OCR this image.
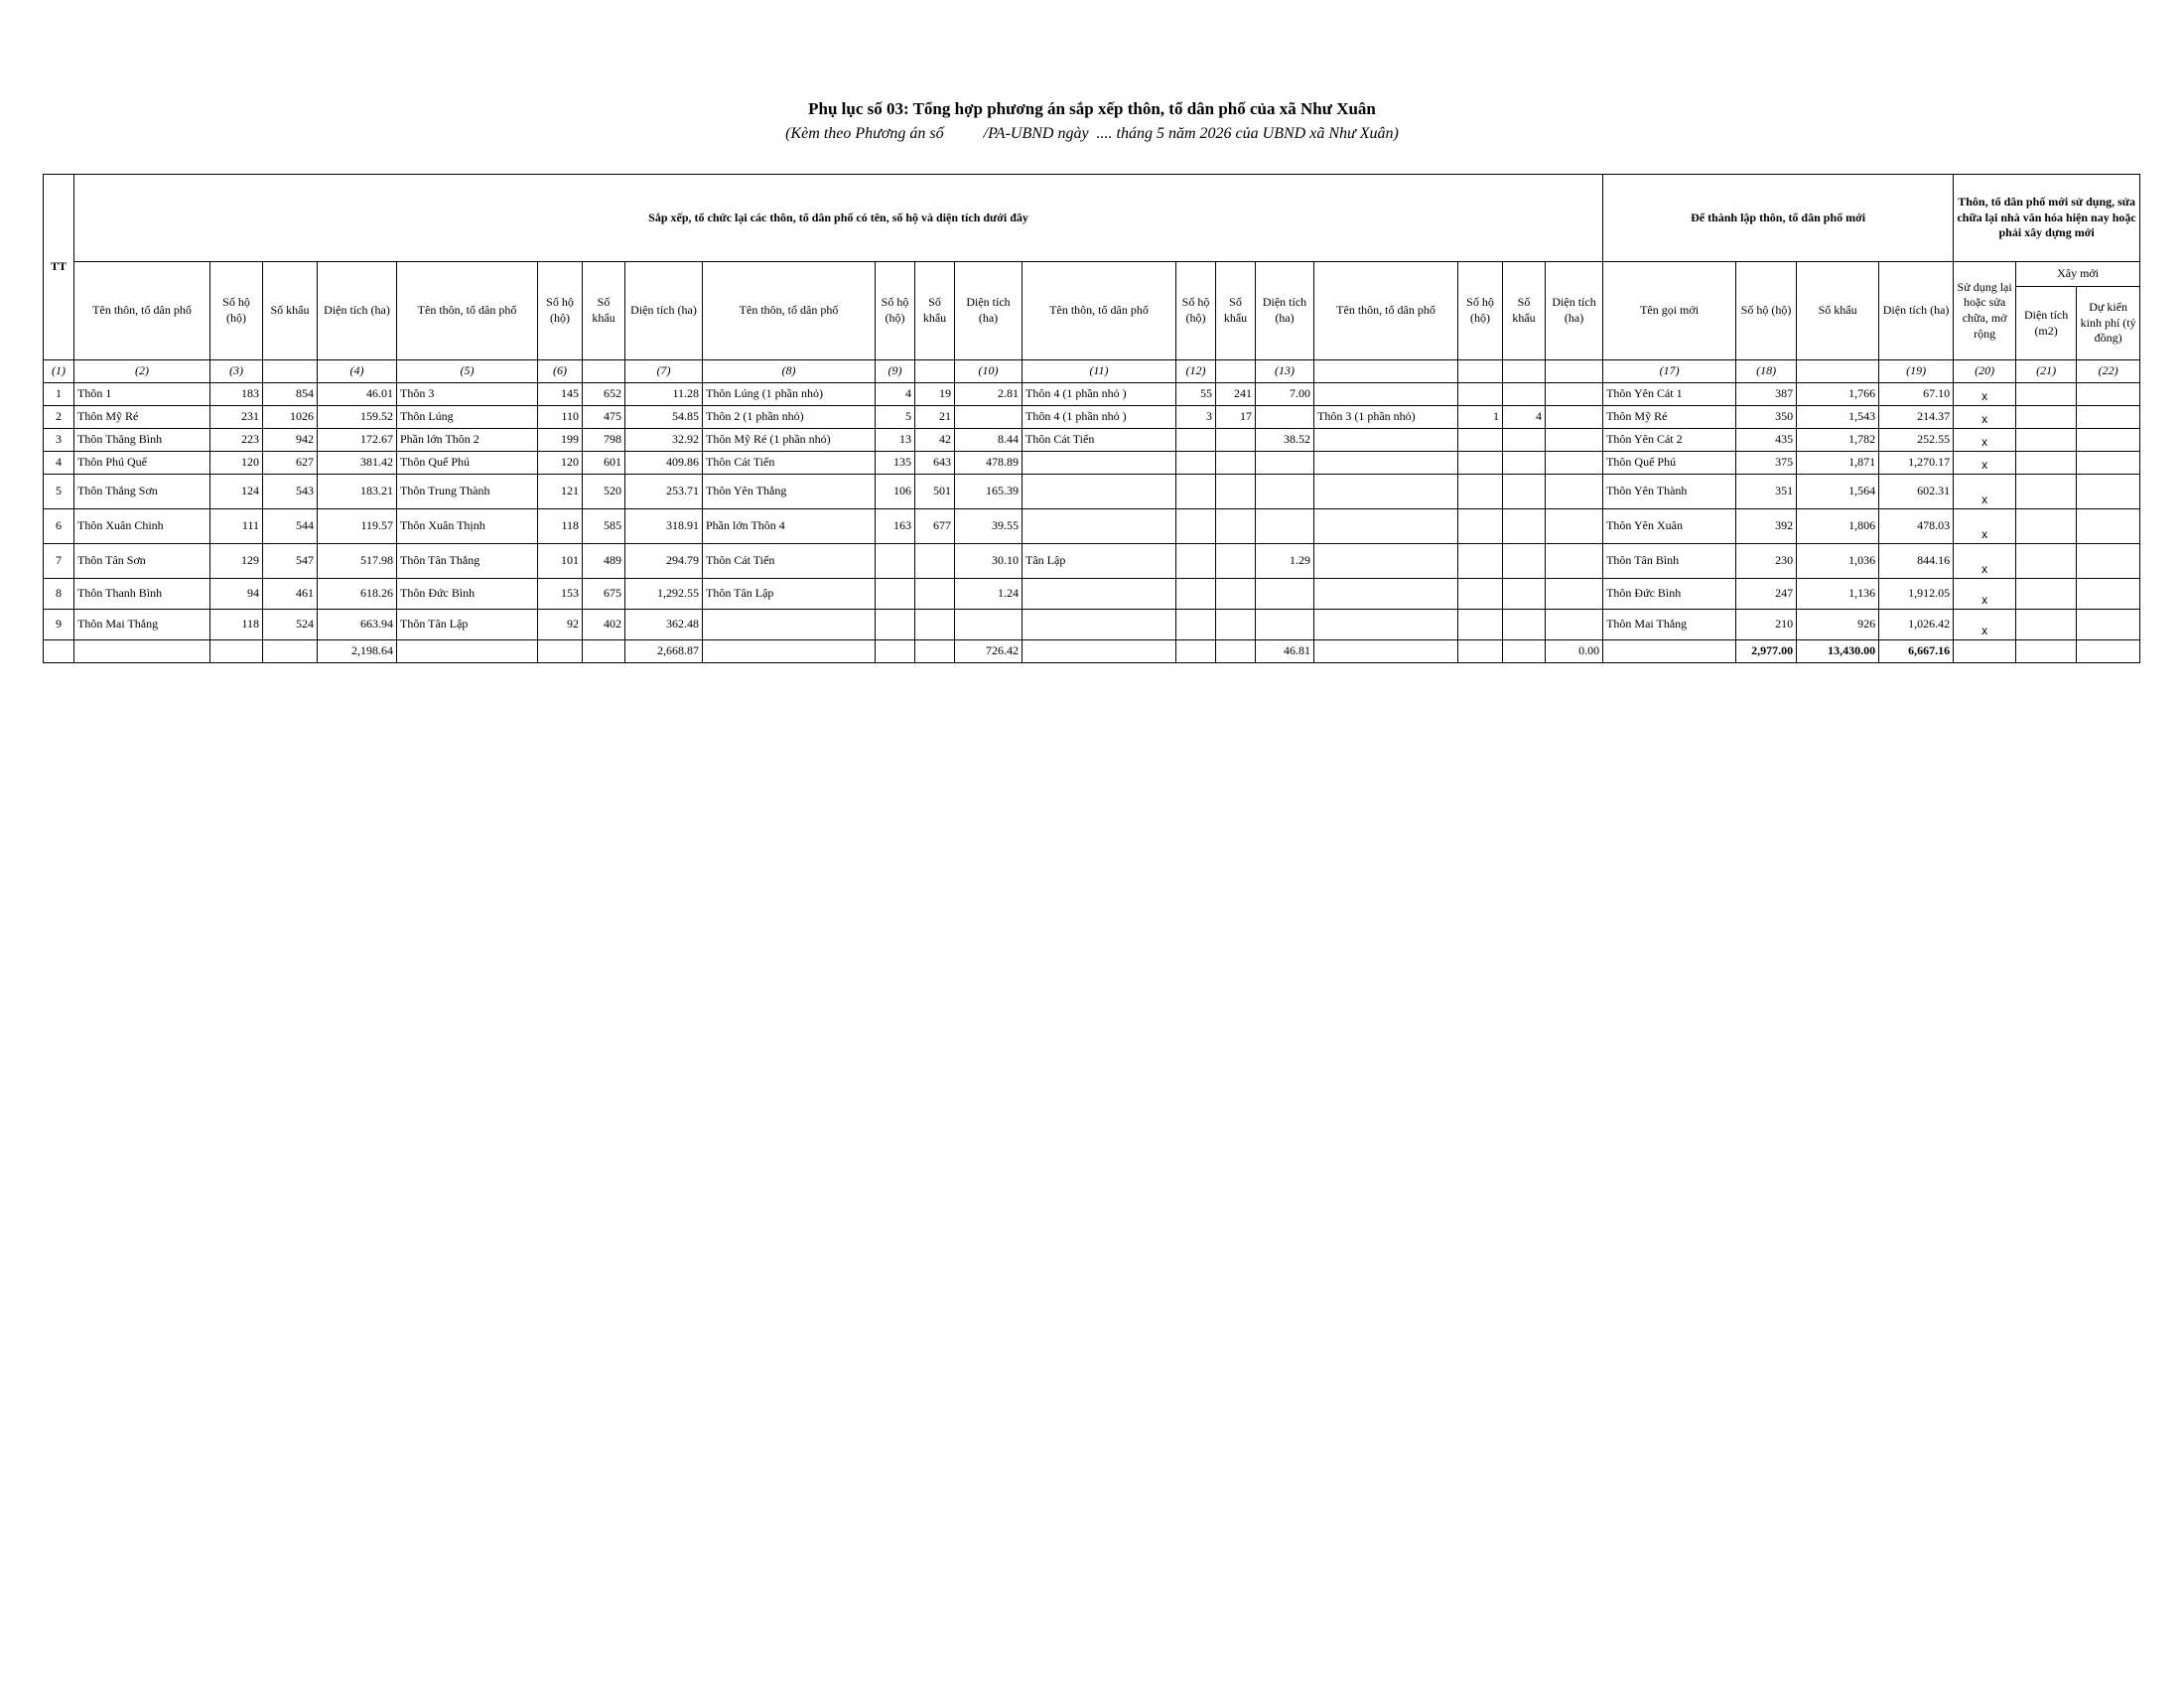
Phụ lục số 03: Tổng hợp phương án sắp xếp thôn, tổ dân phố của xã Như Xuân
(Kèm theo Phương án số          /PA-UBND ngày  .... tháng 5 năm 2026 của UBND xã Như Xuân)
TT	Sắp xếp, tổ chức lại các thôn, tổ dân phố có tên, số hộ và diện tích dưới đây																				Để thành lập thôn, tổ dân phố mới				Thôn, tổ dân phố mới sử dụng, sửa chữa lại nhà văn hóa hiện nay hoặc phải xây dựng mới		
	Tên thôn, tổ dân phố	Số hộ (hộ)	Số khẩu	Diện tích (ha)	Tên thôn, tổ dân phố	Số hộ (hộ)	Số khẩu	Diện tích (ha)	Tên thôn, tổ dân phố	Số hộ (hộ)	Số khẩu	Diện tích (ha)	Tên thôn, tổ dân phố	Số hộ (hộ)	Số khẩu	Diện tích (ha)	Tên thôn, tổ dân phố	Số hộ (hộ)	Số khẩu	Diện tích (ha)	Tên gọi mới	Số hộ (hộ)	Số khẩu	Diện tích (ha)	Sử dụng lại hoặc sửa chữa, mở rộng	Xây mới	
																										Diện tích (m2)	Dự kiến kinh phí (tỷ đồng)
(1)	(2)	(3)		(4)	(5)	(6)		(7)	(8)	(9)		(10)	(11)	(12)		(13)					(17)	(18)		(19)	(20)	(21)	(22)
1	Thôn 1	183	854	46.01	Thôn 3	145	652	11.28	Thôn Lúng (1 phần nhỏ)	4	19	2.81	Thôn 4 (1 phần nhỏ )	55	241	7.00					Thôn Yên Cát 1	387	1,766	67.10	x		
2	Thôn Mỹ Ré	231	1026	159.52	Thôn Lúng	110	475	54.85	Thôn 2 (1 phần nhỏ)	5	21		Thôn 4 (1 phần nhỏ )	3	17		Thôn 3 (1 phần nhỏ)	1	4		Thôn Mỹ Ré	350	1,543	214.37	x		
3	Thôn Thăng Bình	223	942	172.67	Phần lớn Thôn 2	199	798	32.92	Thôn Mỹ Ré (1 phần nhỏ)	13	42	8.44	Thôn Cát Tiến			38.52					Thôn Yên Cát 2	435	1,782	252.55	x		
4	Thôn Phú Quế	120	627	381.42	Thôn Quế Phú	120	601	409.86	Thôn Cát Tiến	135	643	478.89									Thôn Quế Phú	375	1,871	1,270.17	x		
5	Thôn Thắng Sơn	124	543	183.21	Thôn Trung Thành	121	520	253.71	Thôn Yên Thắng	106	501	165.39									Thôn Yên Thành	351	1,564	602.31	x		
6	Thôn Xuân Chinh	111	544	119.57	Thôn Xuân Thịnh	118	585	318.91	Phần lớn Thôn 4	163	677	39.55									Thôn Yên Xuân	392	1,806	478.03	x		
7	Thôn Tân Sơn	129	547	517.98	Thôn Tân Thắng	101	489	294.79	Thôn Cát Tiến			30.10	Tân Lập			1.29					Thôn Tân Bình	230	1,036	844.16	x		
8	Thôn Thanh Bình	94	461	618.26	Thôn Đức Bình	153	675	1,292.55	Thôn Tân Lập			1.24									Thôn Đức Bình	247	1,136	1,912.05	x		
9	Thôn Mai Thắng	118	524	663.94	Thôn Tân Lập	92	402	362.48													Thôn Mai Thắng	210	926	1,026.42	x		
				2,198.64				2,668.87				726.42				46.81				0.00		2,977.00	13,430.00	6,667.16			
